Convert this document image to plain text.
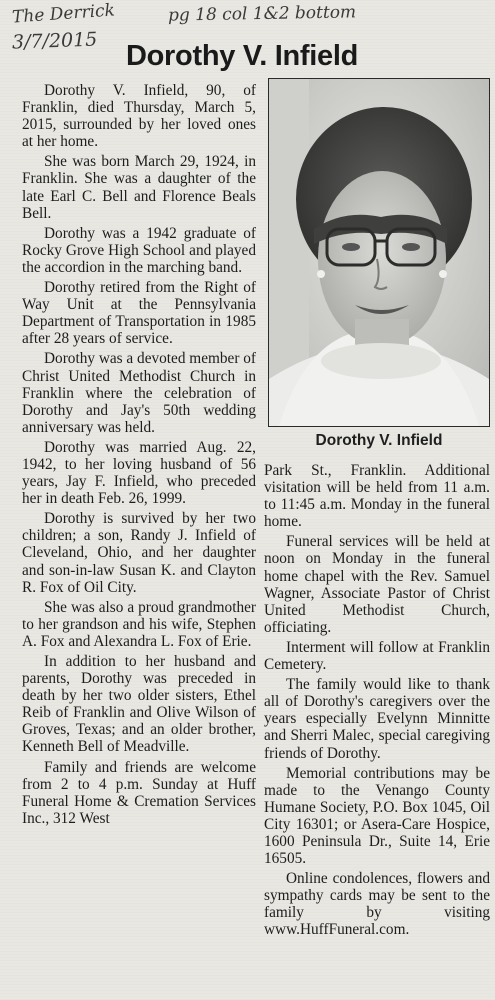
The Derrick
3/7/2015
pg 18 col 1&2 bottom
Dorothy V. Infield

Dorothy V. Infield, 90, of Franklin, died Thursday, March 5, 2015, surrounded by her loved ones at her home.

She was born March 29, 1924, in Franklin. She was a daughter of the late Earl C. Bell and Florence Beals Bell.

Dorothy was a 1942 graduate of Rocky Grove High School and played the accordion in the marching band.

Dorothy retired from the Right of Way Unit at the Pennsylvania Department of Transportation in 1985 after 28 years of service.

Dorothy was a devoted member of Christ United Methodist Church in Franklin where the celebration of Dorothy and Jay's 50th wedding anniversary was held.

Dorothy was married Aug. 22, 1942, to her loving husband of 56 years, Jay F. Infield, who preceded her in death Feb. 26, 1999.

Dorothy is survived by her two children; a son, Randy J. Infield of Cleveland, Ohio, and her daughter and son-in-law Susan K. and Clayton R. Fox of Oil City.

She was also a proud grandmother to her grandson and his wife, Stephen A. Fox and Alexandra L. Fox of Erie.

In addition to her husband and parents, Dorothy was preceded in death by her two older sisters, Ethel Reib of Franklin and Olive Wilson of Groves, Texas; and an older brother, Kenneth Bell of Meadville.

Family and friends are welcome from 2 to 4 p.m. Sunday at Huff Funeral Home & Cremation Services Inc., 312 West

Dorothy V. Infield

Park St., Franklin. Additional visitation will be held from 11 a.m. to 11:45 a.m. Monday in the funeral home.

Funeral services will be held at noon on Monday in the funeral home chapel with the Rev. Samuel Wagner, Associate Pastor of Christ United Methodist Church, officiating.

Interment will follow at Franklin Cemetery.

The family would like to thank all of Dorothy's caregivers over the years especially Evelynn Minnitte and Sherri Malec, special caregiving friends of Dorothy.

Memorial contributions may be made to the Venango County Humane Society, P.O. Box 1045, Oil City 16301; or Asera-Care Hospice, 1600 Peninsula Dr., Suite 14, Erie 16505.

Online condolences, flowers and sympathy cards may be sent to the family by visiting www.HuffFuneral.com.
